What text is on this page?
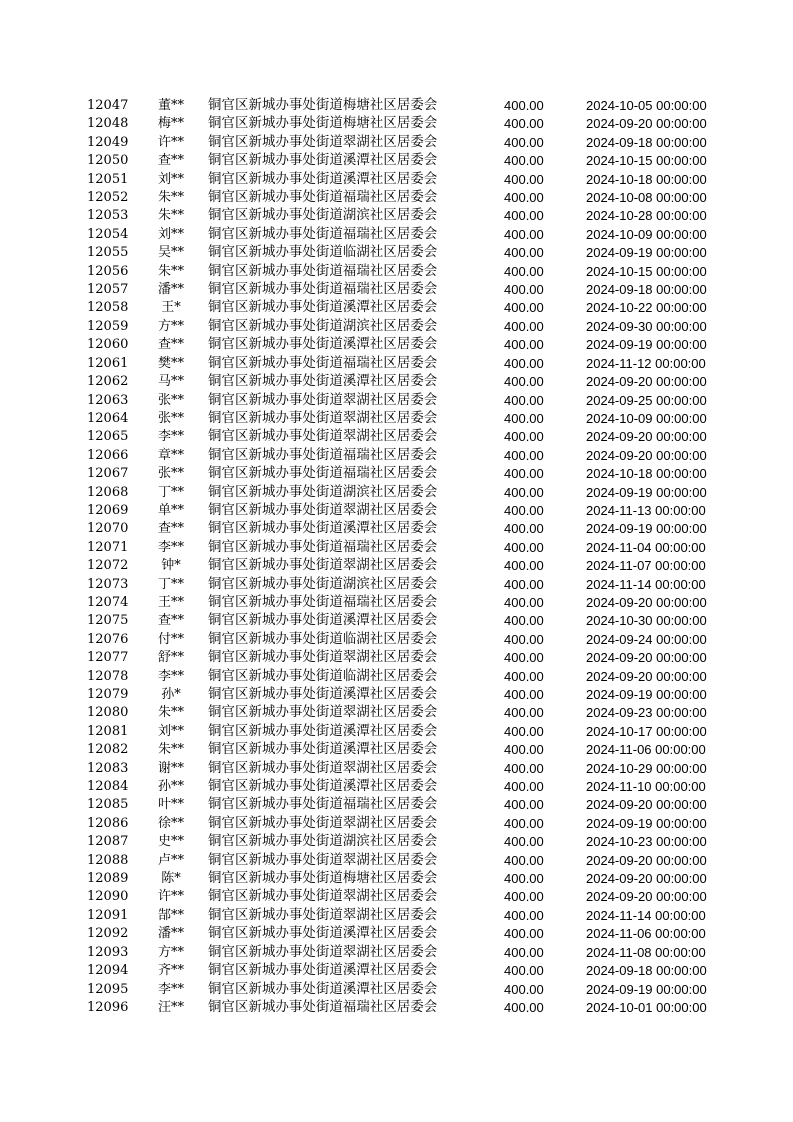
12047	董**	铜官区新城办事处街道梅塘社区居委会	400.00	2024-10-05 00:00:00
12048	梅**	铜官区新城办事处街道梅塘社区居委会	400.00	2024-09-20 00:00:00
12049	许**	铜官区新城办事处街道翠湖社区居委会	400.00	2024-09-18 00:00:00
12050	查**	铜官区新城办事处街道溪潭社区居委会	400.00	2024-10-15 00:00:00
12051	刘**	铜官区新城办事处街道溪潭社区居委会	400.00	2024-10-18 00:00:00
12052	朱**	铜官区新城办事处街道福瑞社区居委会	400.00	2024-10-08 00:00:00
12053	朱**	铜官区新城办事处街道湖滨社区居委会	400.00	2024-10-28 00:00:00
12054	刘**	铜官区新城办事处街道福瑞社区居委会	400.00	2024-10-09 00:00:00
12055	吴**	铜官区新城办事处街道临湖社区居委会	400.00	2024-09-19 00:00:00
12056	朱**	铜官区新城办事处街道福瑞社区居委会	400.00	2024-10-15 00:00:00
12057	潘**	铜官区新城办事处街道福瑞社区居委会	400.00	2024-09-18 00:00:00
12058	王*	铜官区新城办事处街道溪潭社区居委会	400.00	2024-10-22 00:00:00
12059	方**	铜官区新城办事处街道湖滨社区居委会	400.00	2024-09-30 00:00:00
12060	查**	铜官区新城办事处街道溪潭社区居委会	400.00	2024-09-19 00:00:00
12061	樊**	铜官区新城办事处街道福瑞社区居委会	400.00	2024-11-12 00:00:00
12062	马**	铜官区新城办事处街道溪潭社区居委会	400.00	2024-09-20 00:00:00
12063	张**	铜官区新城办事处街道翠湖社区居委会	400.00	2024-09-25 00:00:00
12064	张**	铜官区新城办事处街道翠湖社区居委会	400.00	2024-10-09 00:00:00
12065	李**	铜官区新城办事处街道翠湖社区居委会	400.00	2024-09-20 00:00:00
12066	章**	铜官区新城办事处街道福瑞社区居委会	400.00	2024-09-20 00:00:00
12067	张**	铜官区新城办事处街道福瑞社区居委会	400.00	2024-10-18 00:00:00
12068	丁**	铜官区新城办事处街道湖滨社区居委会	400.00	2024-09-19 00:00:00
12069	单**	铜官区新城办事处街道翠湖社区居委会	400.00	2024-11-13 00:00:00
12070	查**	铜官区新城办事处街道溪潭社区居委会	400.00	2024-09-19 00:00:00
12071	李**	铜官区新城办事处街道福瑞社区居委会	400.00	2024-11-04 00:00:00
12072	钟*	铜官区新城办事处街道翠湖社区居委会	400.00	2024-11-07 00:00:00
12073	丁**	铜官区新城办事处街道湖滨社区居委会	400.00	2024-11-14 00:00:00
12074	王**	铜官区新城办事处街道福瑞社区居委会	400.00	2024-09-20 00:00:00
12075	查**	铜官区新城办事处街道溪潭社区居委会	400.00	2024-10-30 00:00:00
12076	付**	铜官区新城办事处街道临湖社区居委会	400.00	2024-09-24 00:00:00
12077	舒**	铜官区新城办事处街道翠湖社区居委会	400.00	2024-09-20 00:00:00
12078	李**	铜官区新城办事处街道临湖社区居委会	400.00	2024-09-20 00:00:00
12079	孙*	铜官区新城办事处街道溪潭社区居委会	400.00	2024-09-19 00:00:00
12080	朱**	铜官区新城办事处街道翠湖社区居委会	400.00	2024-09-23 00:00:00
12081	刘**	铜官区新城办事处街道溪潭社区居委会	400.00	2024-10-17 00:00:00
12082	朱**	铜官区新城办事处街道溪潭社区居委会	400.00	2024-11-06 00:00:00
12083	谢**	铜官区新城办事处街道翠湖社区居委会	400.00	2024-10-29 00:00:00
12084	孙**	铜官区新城办事处街道溪潭社区居委会	400.00	2024-11-10 00:00:00
12085	叶**	铜官区新城办事处街道福瑞社区居委会	400.00	2024-09-20 00:00:00
12086	徐**	铜官区新城办事处街道翠湖社区居委会	400.00	2024-09-19 00:00:00
12087	史**	铜官区新城办事处街道湖滨社区居委会	400.00	2024-10-23 00:00:00
12088	卢**	铜官区新城办事处街道翠湖社区居委会	400.00	2024-09-20 00:00:00
12089	陈*	铜官区新城办事处街道梅塘社区居委会	400.00	2024-09-20 00:00:00
12090	许**	铜官区新城办事处街道翠湖社区居委会	400.00	2024-09-20 00:00:00
12091	郜**	铜官区新城办事处街道翠湖社区居委会	400.00	2024-11-14 00:00:00
12092	潘**	铜官区新城办事处街道溪潭社区居委会	400.00	2024-11-06 00:00:00
12093	方**	铜官区新城办事处街道翠湖社区居委会	400.00	2024-11-08 00:00:00
12094	齐**	铜官区新城办事处街道溪潭社区居委会	400.00	2024-09-18 00:00:00
12095	李**	铜官区新城办事处街道溪潭社区居委会	400.00	2024-09-19 00:00:00
12096	汪**	铜官区新城办事处街道福瑞社区居委会	400.00	2024-10-01 00:00:00
